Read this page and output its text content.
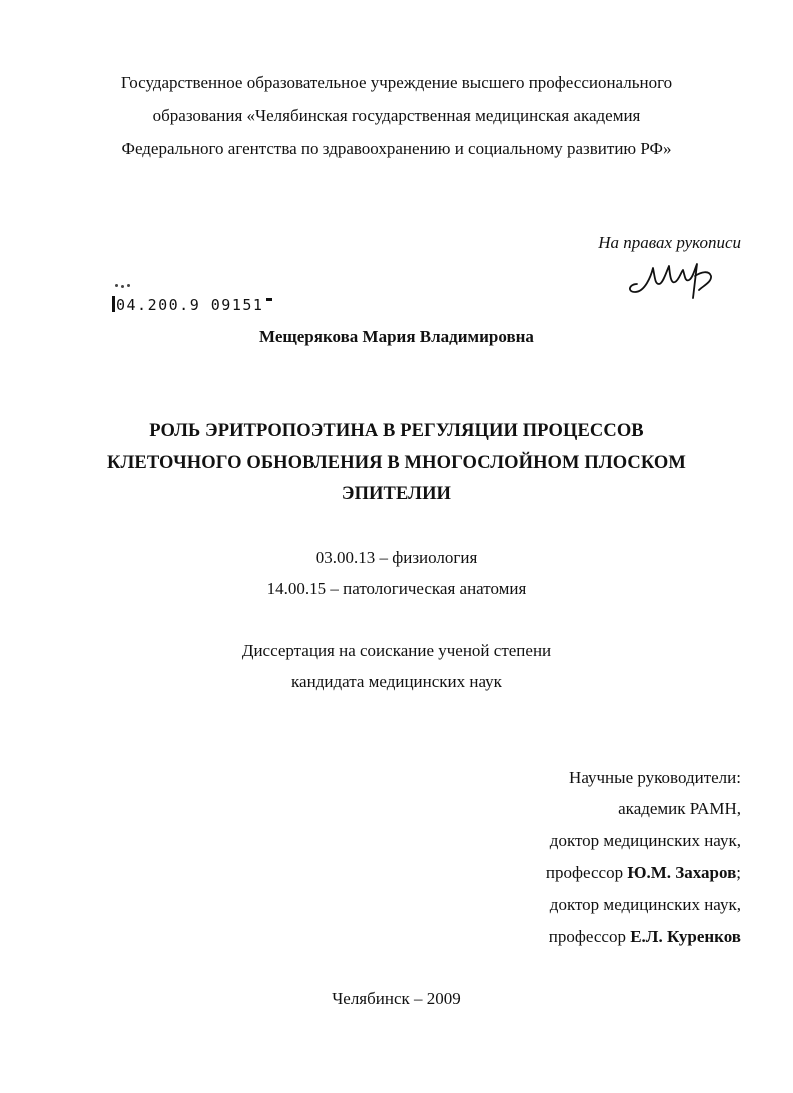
Государственное образовательное учреждение высшего профессионального
образования «Челябинская государственная медицинская академия
Федерального агентства по здравоохранению и социальному развитию РФ»
На правах рукописи
04.200.9 09151
Мещерякова Мария Владимировна
РОЛЬ ЭРИТРОПОЭТИНА В РЕГУЛЯЦИИ ПРОЦЕССОВ
КЛЕТОЧНОГО ОБНОВЛЕНИЯ В МНОГОСЛОЙНОМ ПЛОСКОМ
ЭПИТЕЛИИ
03.00.13 – физиология
14.00.15 – патологическая анатомия
Диссертация на соискание ученой степени
кандидата медицинских наук
Научные руководители:
академик РАМН,
доктор медицинских наук,
профессор Ю.М. Захаров;
доктор медицинских наук,
профессор Е.Л. Куренков
Челябинск – 2009
